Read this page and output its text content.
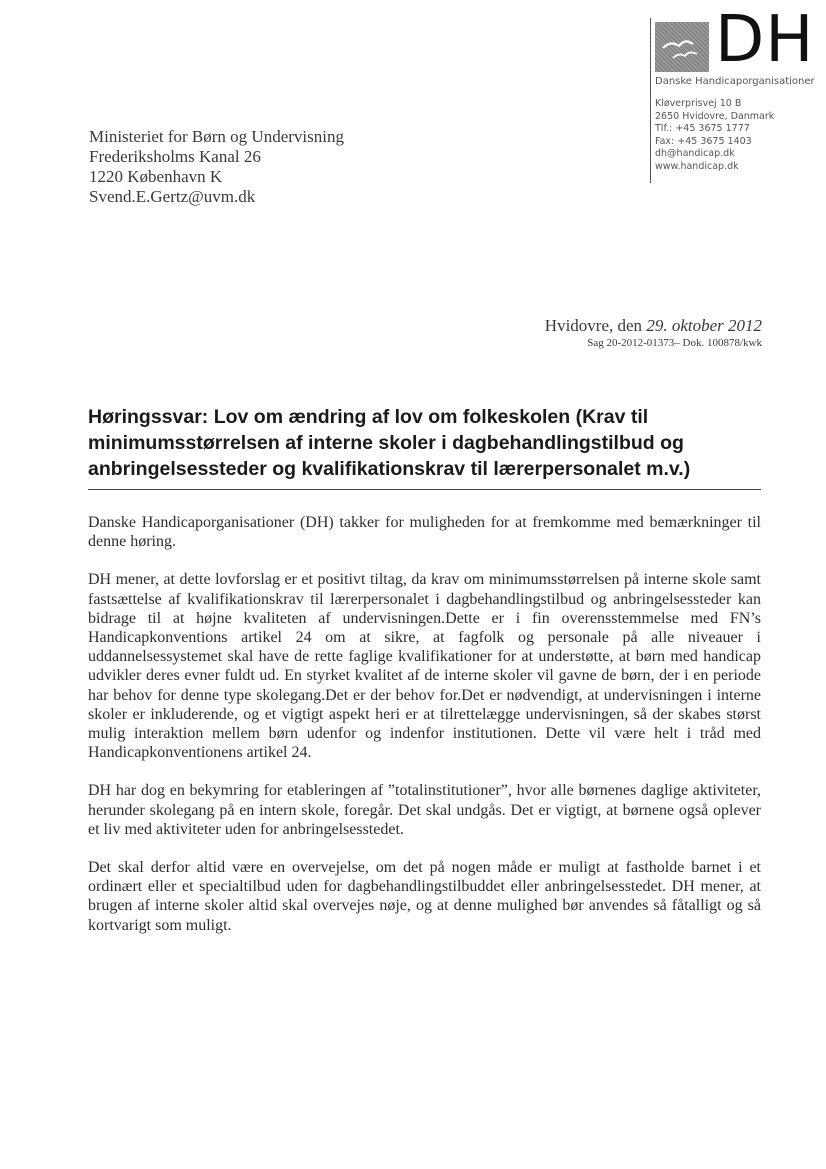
DH
Danske Handicaporganisationer
Kløverprisvej 10 B
2650 Hvidovre, Danmark
Tlf.: +45 3675 1777
Fax: +45 3675 1403
dh@handicap.dk
www.handicap.dk
Ministeriet for Børn og Undervisning
Frederiksholms Kanal 26
1220 København K
Svend.E.Gertz@uvm.dk
Hvidovre, den 29. oktober 2012
Sag 20-2012-01373– Dok. 100878/kwk
Høringssvar: Lov om ændring af lov om folkeskolen (Krav til
minimumsstørrelsen af interne skoler i dagbehandlingstilbud og
anbringelsessteder og kvalifikationskrav til lærerpersonalet m.v.)

Danske Handicaporganisationer (DH) takker for muligheden for at fremkomme med bemærkninger til denne høring.

DH mener, at dette lovforslag er et positivt tiltag, da krav om minimumsstørrelsen på interne skole samt fastsættelse af kvalifikationskrav til lærerpersonalet i dagbehandlingstilbud og anbringelsessteder kan bidrage til at højne kvaliteten af undervisningen.Dette er i fin overensstemmelse med FN’s Handicapkonventions artikel 24 om at sikre, at fagfolk og personale på alle niveauer i uddannelsessystemet skal have de rette faglige kvalifikationer for at understøtte, at børn med handicap udvikler deres evner fuldt ud. En styrket kvalitet af de interne skoler vil gavne de børn, der i en periode har behov for denne type skolegang.Det er der behov for.Det er nødvendigt, at undervisningen i interne skoler er inkluderende, og et vigtigt aspekt heri er at tilrettelægge undervisningen, så der skabes størst mulig interaktion mellem børn udenfor og indenfor institutionen. Dette vil være helt i tråd med Handicapkonventionens artikel 24.

DH har dog en bekymring for etableringen af ”totalinstitutioner”, hvor alle børnenes daglige aktiviteter, herunder skolegang på en intern skole, foregår. Det skal undgås. Det er vigtigt, at børnene også oplever et liv med aktiviteter uden for anbringelsesstedet.

Det skal derfor altid være en overvejelse, om det på nogen måde er muligt at fastholde barnet i et ordinært eller et specialtilbud uden for dagbehandlingstilbuddet eller anbringelsesstedet. DH mener, at brugen af interne skoler altid skal overvejes nøje, og at denne mulighed bør anvendes så fåtalligt og så kortvarigt som muligt.
